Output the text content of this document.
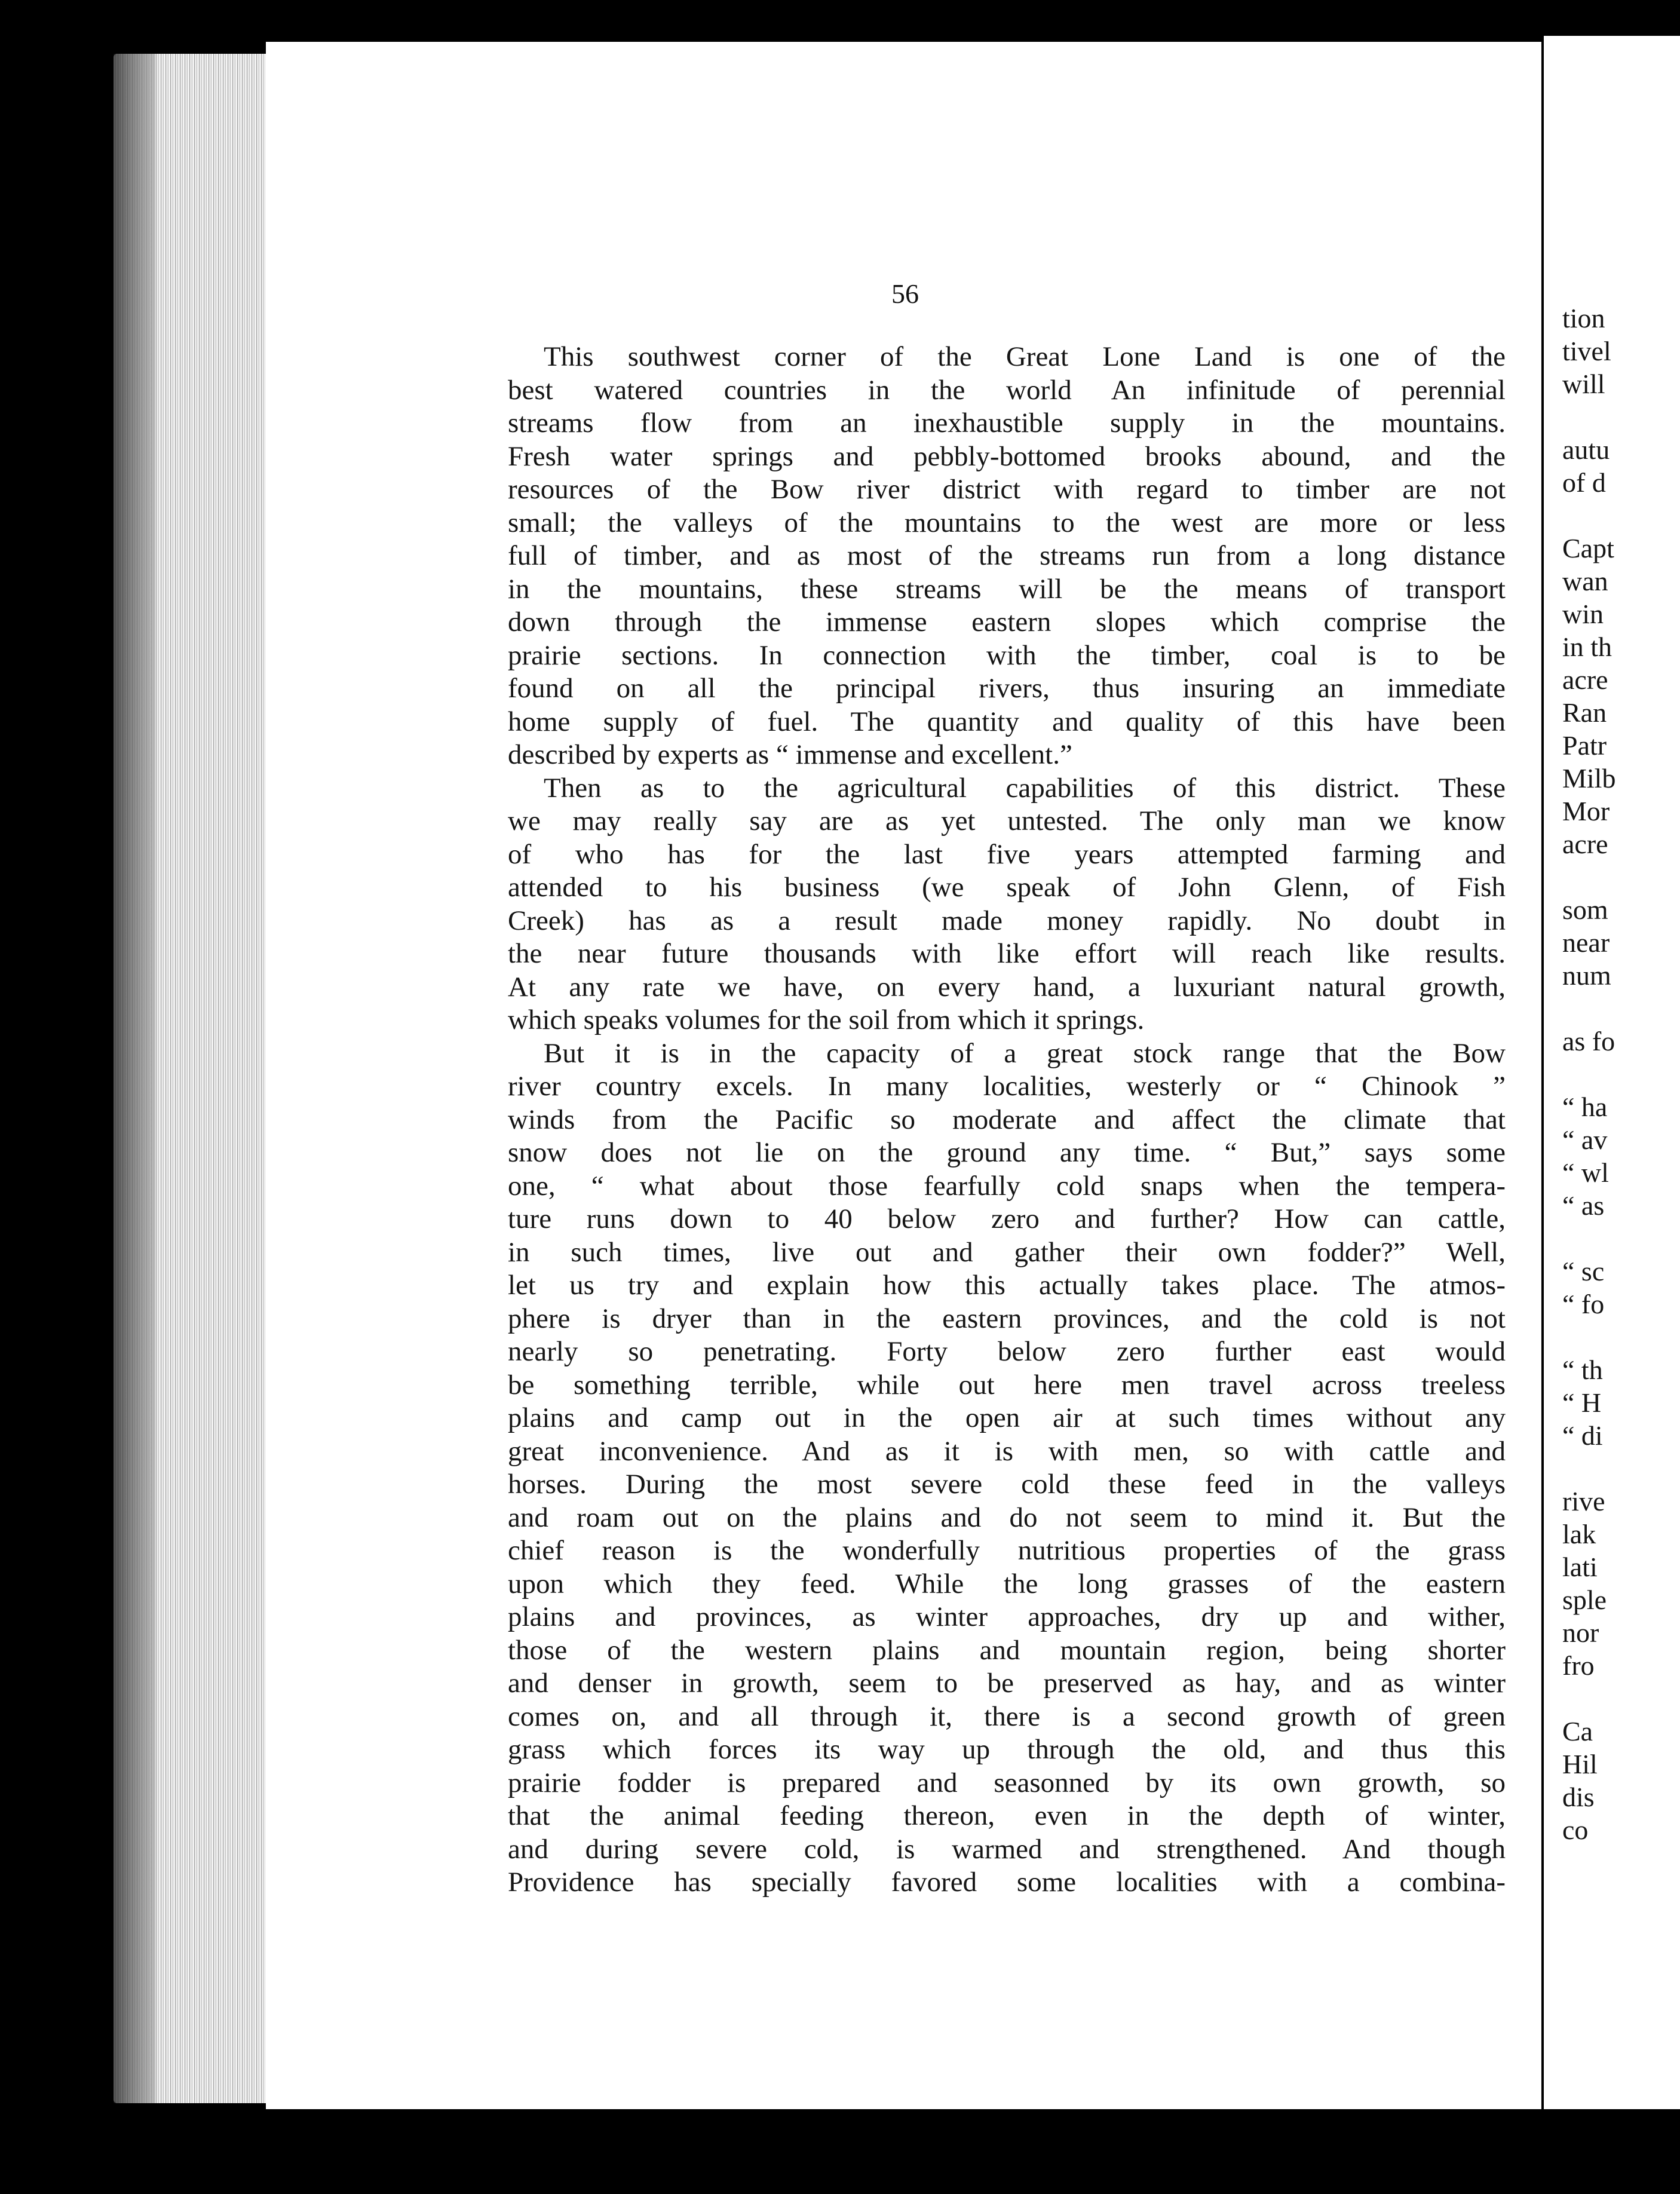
56
This southwest corner of the Great Lone Land is one of the
best watered countries in the world An infinitude of perennial
streams flow from an inexhaustible supply in the mountains.
Fresh water springs and pebbly-bottomed brooks abound, and the
resources of the Bow river district with regard to timber are not
small; the valleys of the mountains to the west are more or less
full of timber, and as most of the streams run from a long distance
in the mountains, these streams will be the means of transport
down through the immense eastern slopes which comprise the
prairie sections. In connection with the timber, coal is to be
found on all the principal rivers, thus insuring an immediate
home supply of fuel. The quantity and quality of this have been
described by experts as “ immense and excellent.”
Then as to the agricultural capabilities of this district. These
we may really say are as yet untested. The only man we know
of who has for the last five years attempted farming and
attended to his business (we speak of John Glenn, of Fish
Creek) has as a result made money rapidly. No doubt in
the near future thousands with like effort will reach like results.
At any rate we have, on every hand, a luxuriant natural growth,
which speaks volumes for the soil from which it springs.
But it is in the capacity of a great stock range that the Bow
river country excels. In many localities, westerly or “ Chinook ”
winds from the Pacific so moderate and affect the climate that
snow does not lie on the ground any time. “ But,” says some
one, “ what about those fearfully cold snaps when the tempera-
ture runs down to 40 below zero and further? How can cattle,
in such times, live out and gather their own fodder?” Well,
let us try and explain how this actually takes place. The atmos-
phere is dryer than in the eastern provinces, and the cold is not
nearly so penetrating. Forty below zero further east would
be something terrible, while out here men travel across treeless
plains and camp out in the open air at such times without any
great inconvenience. And as it is with men, so with cattle and
horses. During the most severe cold these feed in the valleys
and roam out on the plains and do not seem to mind it. But the
chief reason is the wonderfully nutritious properties of the grass
upon which they feed. While the long grasses of the eastern
plains and provinces, as winter approaches, dry up and wither,
those of the western plains and mountain region, being shorter
and denser in growth, seem to be preserved as hay, and as winter
comes on, and all through it, there is a second growth of green
grass which forces its way up through the old, and thus this
prairie fodder is prepared and seasonned by its own growth, so
that the animal feeding thereon, even in the depth of winter,
and during severe cold, is warmed and strengthened. And though
Providence has specially favored some localities with a combina-
tion
tivel
will

autu
of d

Capt
wan
win
in th
acre
Ran
Patr
Milb
Mor
acre

som
near
num

as fo

“ ha
“ av
“ wl
“ as

“ sc
“ fo

“ th
“ H
“ di

rive
lak
lati
sple
nor
fro

Ca
Hil
dis
co
